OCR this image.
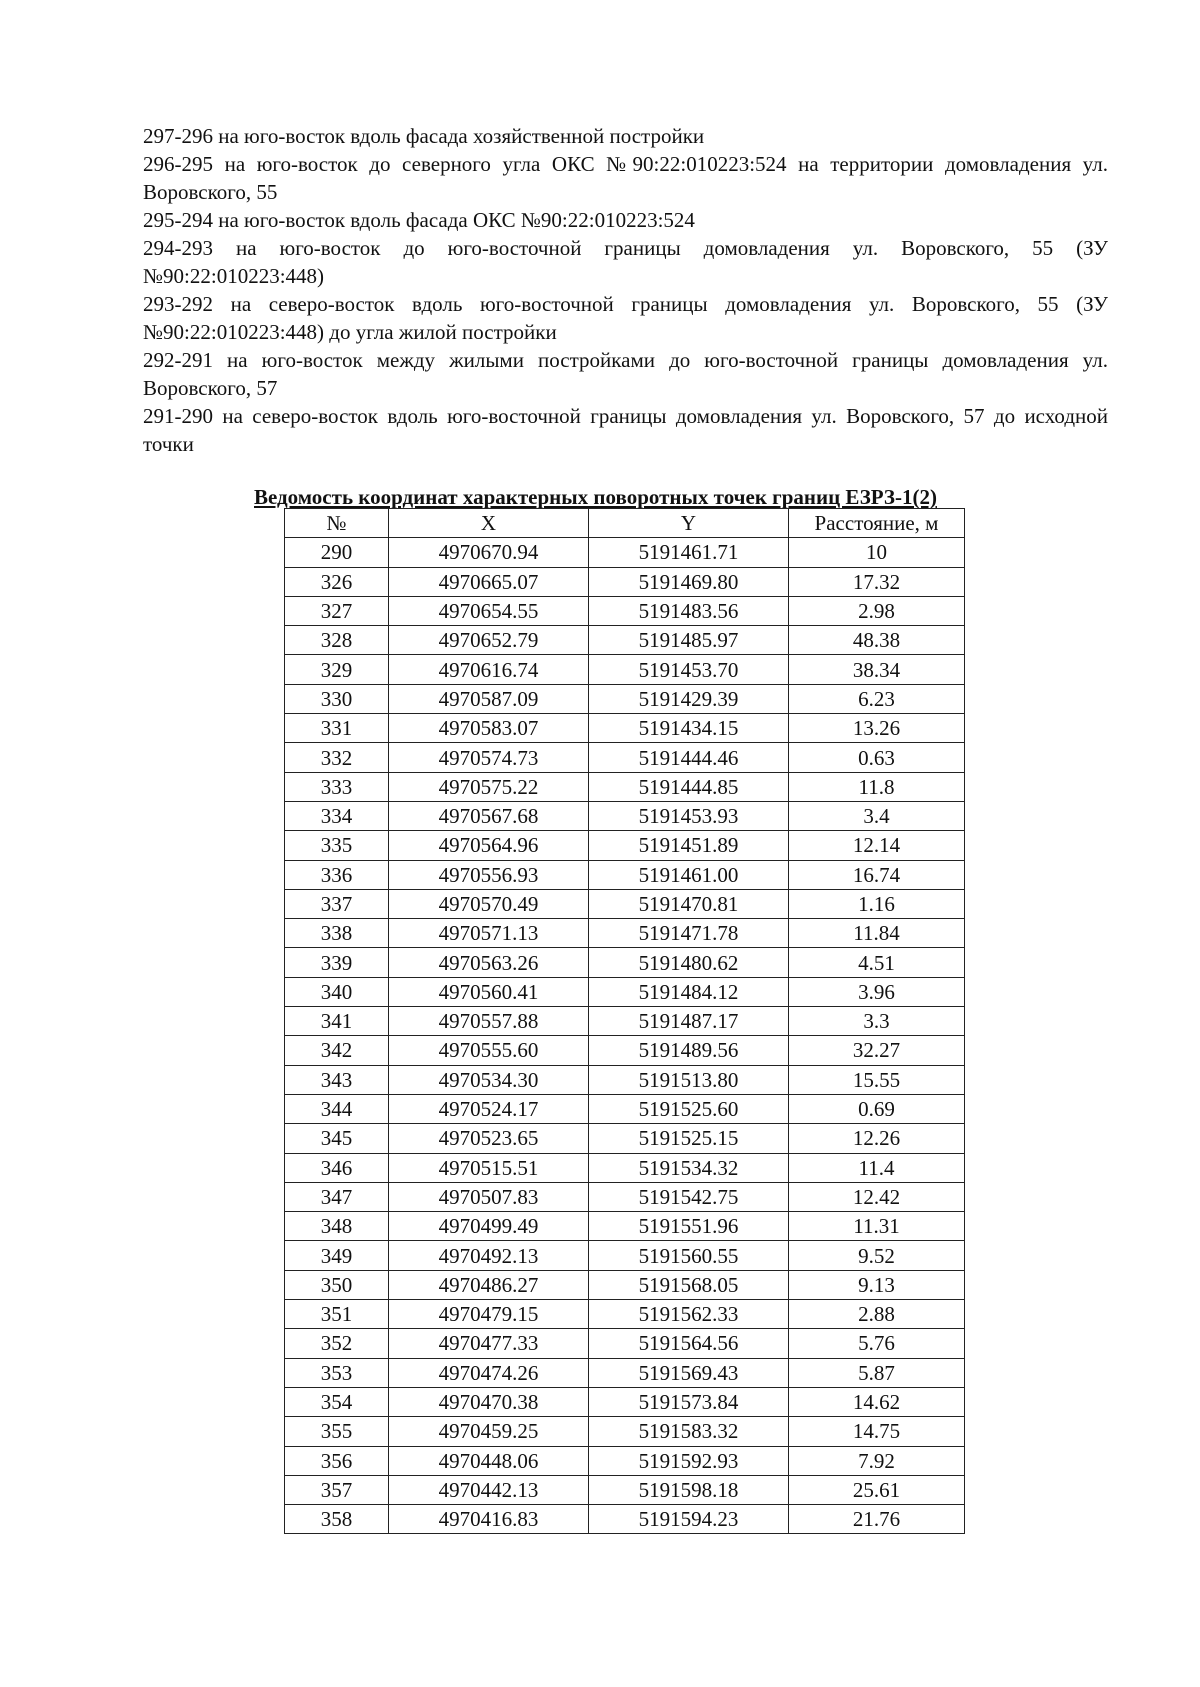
297-296 на юго-восток вдоль фасада хозяйственной постройки

296-295 на юго-восток до северного угла ОКС №90:22:010223:524 на территории домовладения ул. Воровского, 55

295-294 на юго-восток вдоль фасада ОКС №90:22:010223:524

294-293 на юго-восток до юго-восточной границы домовладения ул. Воровского, 55 (ЗУ №90:22:010223:448)

293-292 на северо-восток вдоль юго-восточной границы домовладения ул. Воровского, 55 (ЗУ №90:22:010223:448) до угла жилой постройки

292-291 на юго-восток между жилыми постройками до юго-восточной границы домовладения ул. Воровского, 57

291-290 на северо-восток вдоль юго-восточной границы домовладения ул. Воровского, 57 до исходной точки

Ведомость координат характерных поворотных точек границ ЕЗРЗ-1(2)
№	X	Y	Расстояние, м
290	4970670.94	5191461.71	10
326	4970665.07	5191469.80	17.32
327	4970654.55	5191483.56	2.98
328	4970652.79	5191485.97	48.38
329	4970616.74	5191453.70	38.34
330	4970587.09	5191429.39	6.23
331	4970583.07	5191434.15	13.26
332	4970574.73	5191444.46	0.63
333	4970575.22	5191444.85	11.8
334	4970567.68	5191453.93	3.4
335	4970564.96	5191451.89	12.14
336	4970556.93	5191461.00	16.74
337	4970570.49	5191470.81	1.16
338	4970571.13	5191471.78	11.84
339	4970563.26	5191480.62	4.51
340	4970560.41	5191484.12	3.96
341	4970557.88	5191487.17	3.3
342	4970555.60	5191489.56	32.27
343	4970534.30	5191513.80	15.55
344	4970524.17	5191525.60	0.69
345	4970523.65	5191525.15	12.26
346	4970515.51	5191534.32	11.4
347	4970507.83	5191542.75	12.42
348	4970499.49	5191551.96	11.31
349	4970492.13	5191560.55	9.52
350	4970486.27	5191568.05	9.13
351	4970479.15	5191562.33	2.88
352	4970477.33	5191564.56	5.76
353	4970474.26	5191569.43	5.87
354	4970470.38	5191573.84	14.62
355	4970459.25	5191583.32	14.75
356	4970448.06	5191592.93	7.92
357	4970442.13	5191598.18	25.61
358	4970416.83	5191594.23	21.76
